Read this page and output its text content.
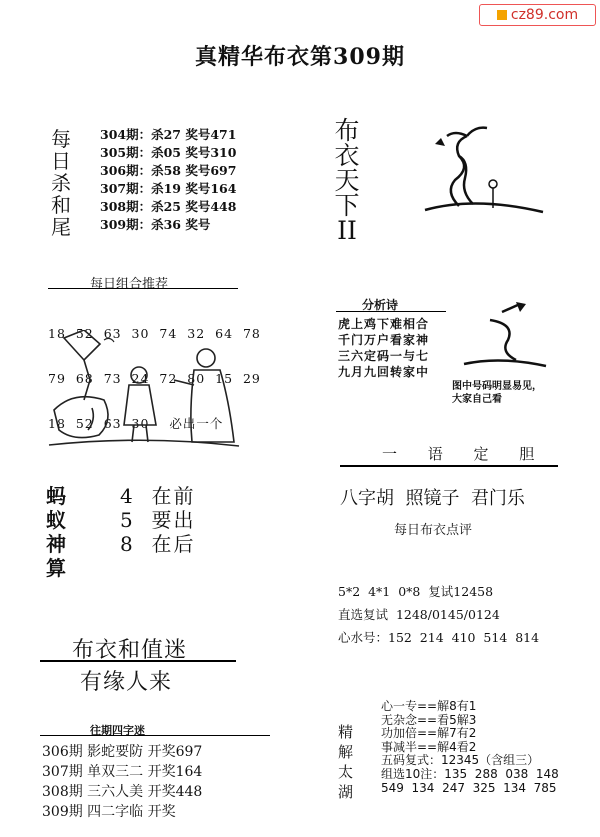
cz89.com
真精华布衣第309期
每
日
杀
和
尾
304期：杀27 奖号471
305期：杀05 奖号310
306期：杀58 奖号697
307期：杀19 奖号164
308期：杀25 奖号448
309期：杀36 奖号
每日组合推荐

18  52  63  30  74  32  64  78

79  68  73  24  72  80  15  29

18  52  63  30    必出一个

蚂
蚁
神
算
4  在前
5  要出
8  在后
布衣和值迷
有缘人来
往期四字迷
306期 影蛇要防 开奖697
307期 单双三二 开奖164
308期 三六人美 开奖448
309期 四二字临 开奖
布
衣
天
下
II
分析诗
虎上鸡下难相合
千门万户看家神
三六定码一与七
九月九回转家中
图中号码明显易见，
大家自己看
一 语 定 胆
八字胡  照镜子  君门乐
每日布衣点评
5*2  4*1  0*8  复试12458
直选复试  1248/0145/0124
心水号：152  214  410  514  814
精
解
太
湖
心一专==解8有1
无杂念==看5解3
功加倍==解7有2
事减半==解4看2
五码复式：12345（含组三）
组选10注：135  288  038  148
549  134  247  325  134  785
